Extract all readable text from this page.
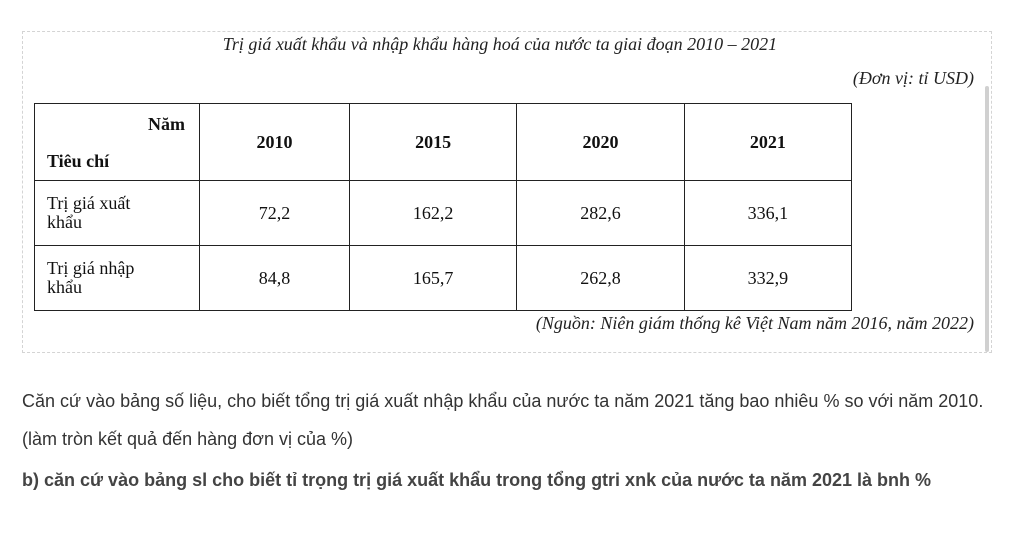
Trị giá xuất khẩu và nhập khẩu hàng hoá của nước ta giai đoạn 2010 – 2021
(Đơn vị: tỉ USD)
Năm
Tiêu chí	2010	2015	2020	2021
Trị giá xuất
khẩu	72,2	162,2	282,6	336,1
Trị giá nhập
khẩu	84,8	165,7	262,8	332,9
(Nguồn: Niên giám thống kê Việt Nam năm 2016, năm 2022)
Căn cứ vào bảng số liệu, cho biết tổng trị giá xuất nhập khẩu của nước ta năm 2021 tăng bao nhiêu % so với năm 2010. (làm tròn kết quả đến hàng đơn vị của %)
b) căn cứ vào bảng sl cho biết tỉ trọng trị giá xuất khẩu trong tổng gtri xnk của nước ta năm 2021 là bnh %
